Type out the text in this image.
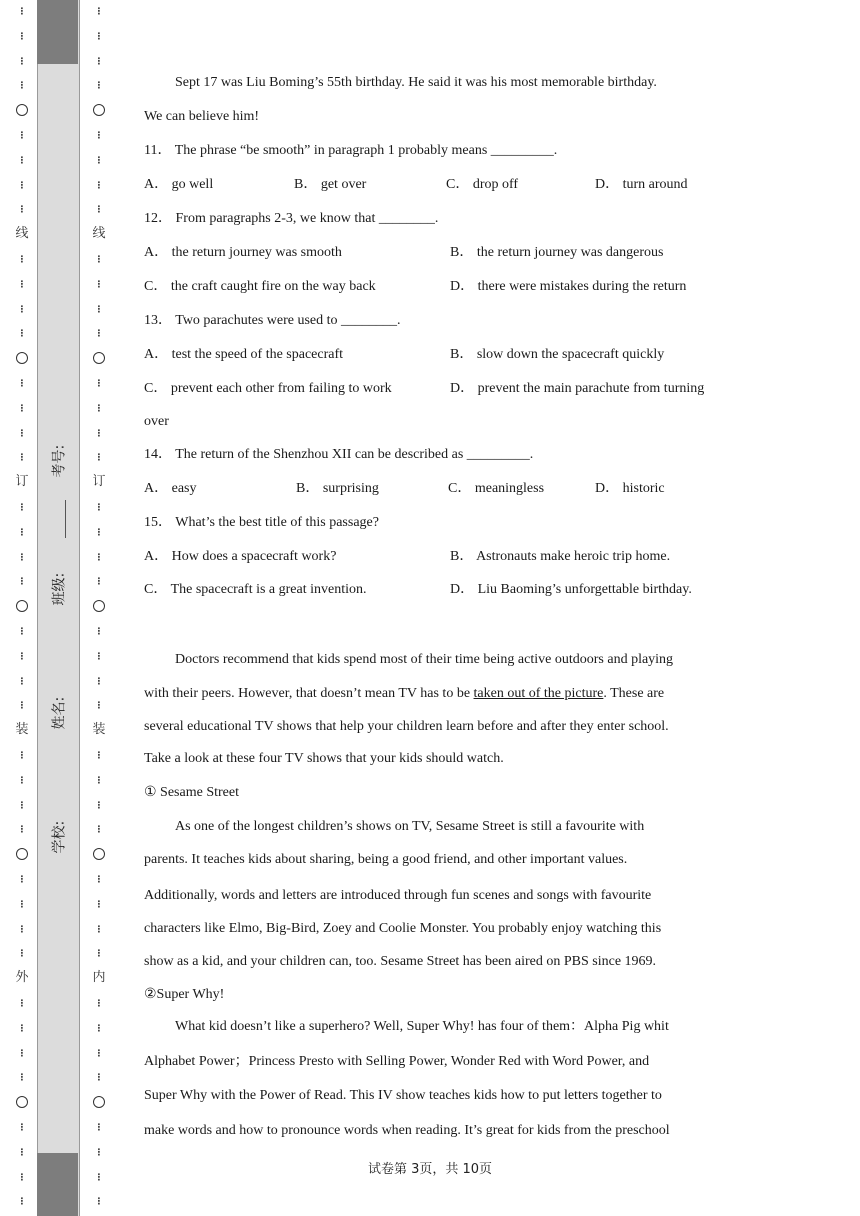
⋮
⋮
⋮
⋮
⋮
⋮
⋮
⋮
⋮
⋮
⋮
⋮
⋮
⋮
⋮
⋮
⋮
⋮
⋮
⋮
⋮
⋮
⋮
⋮
⋮
⋮
⋮
⋮
⋮
⋮
⋮
⋮
⋮
⋮
⋮
⋮
⋮
⋮
⋮
⋮
线
订
装
外
⋮
⋮
⋮
⋮
⋮
⋮
⋮
⋮
⋮
⋮
⋮
⋮
⋮
⋮
⋮
⋮
⋮
⋮
⋮
⋮
⋮
⋮
⋮
⋮
⋮
⋮
⋮
⋮
⋮
⋮
⋮
⋮
⋮
⋮
⋮
⋮
⋮
⋮
⋮
⋮
线
订
装
内
考号:
班级:
姓名:
学校:
Sept 17 was Liu Boming’s 55th birthday. He said it was his most memorable birthday.
We can believe him!
11． The phrase “be smooth” in paragraph 1 probably means _________.
A． go well	B． get over	C． drop off	D． turn around
12． From paragraphs 2-3, we know that ________.
A． the return journey was smooth	B． the return journey was dangerous
C． the craft caught fire on the way back	D． there were mistakes during the return
13． Two parachutes were used to ________.
A． test the speed of the spacecraft	B． slow down the spacecraft quickly
C． prevent each other from failing to work	D． prevent the main parachute from turning
over
14． The return of the Shenzhou XII can be described as _________.
A． easy	B． surprising	C． meaningless	D． historic
15． What’s the best title of this passage?
A． How does a spacecraft work?	B． Astronauts make heroic trip home.
C． The spacecraft is a great invention.	D． Liu Baoming’s unforgettable birthday.
Doctors recommend that kids spend most of their time being active outdoors and playing
with their peers. However, that doesn’t mean TV has to be taken out of the picture. These are
several educational TV shows that help your children learn before and after they enter school.
Take a look at these four TV shows that your kids should watch.
① Sesame Street
As one of the longest children’s shows on TV, Sesame Street is still a favourite with
parents. It teaches kids about sharing, being a good friend, and other important values.
Additionally, words and letters are introduced through fun scenes and songs with favourite
characters like Elmo, Big-Bird, Zoey and Coolie Monster. You probably enjoy watching this
show as a kid, and your children can, too. Sesame Street has been aired on PBS since 1969.
②Super Why!
What kid doesn’t like a superhero? Well, Super Why! has four of them：Alpha Pig whit
Alphabet Power；Princess Presto with Selling Power, Wonder Red with Word Power, and
Super Why with the Power of Read. This IV show teaches kids how to put letters together to
make words and how to pronounce words when reading. It’s great for kids from the preschool
试卷第 3页，共 10页
